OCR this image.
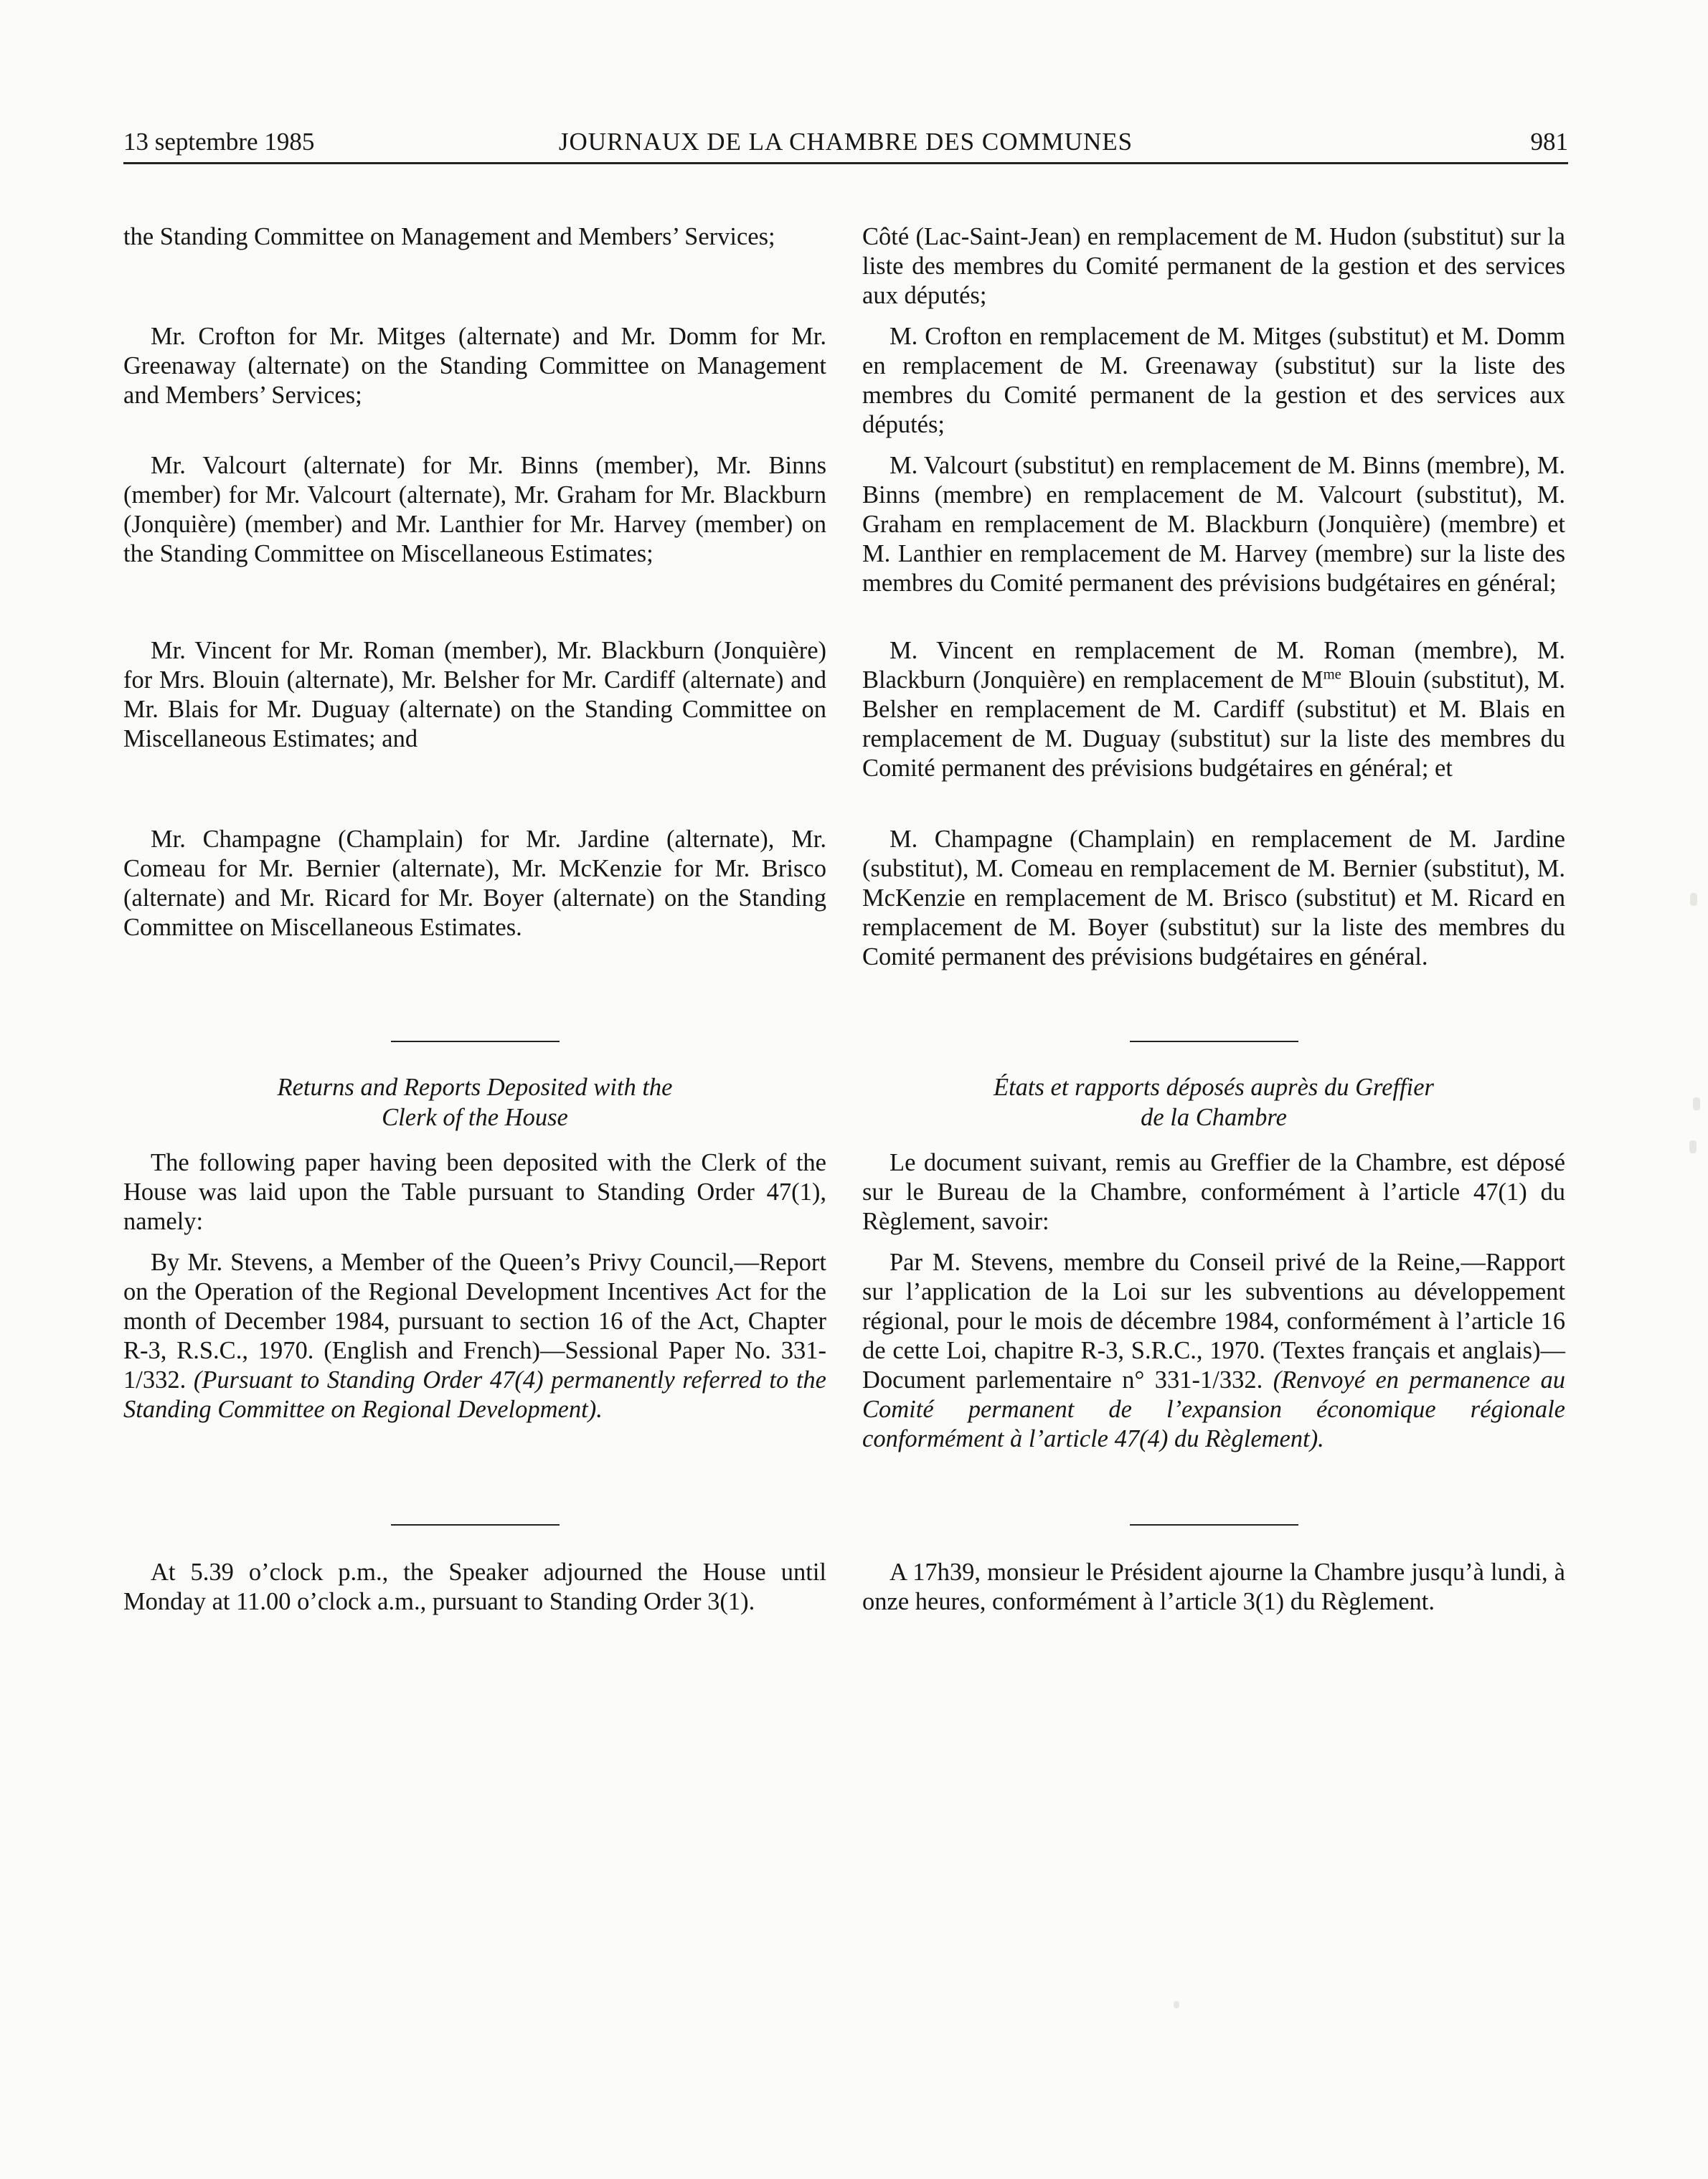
13 septembre 1985	JOURNAUX DE LA CHAMBRE DES COMMUNES	981

the Standing Committee on Management and Members’ Services;

Mr. Crofton for Mr. Mitges (alternate) and Mr. Domm for Mr. Greenaway (alternate) on the Standing Committee on Management and Members’ Services;

Mr. Valcourt (alternate) for Mr. Binns (member), Mr. Binns (member) for Mr. Valcourt (alternate), Mr. Graham for Mr. Blackburn (Jonquière) (member) and Mr. Lanthier for Mr. Harvey (member) on the Standing Committee on Miscellaneous Estimates;

Mr. Vincent for Mr. Roman (member), Mr. Blackburn (Jonquière) for Mrs. Blouin (alternate), Mr. Belsher for Mr. Cardiff (alternate) and Mr. Blais for Mr. Duguay (alternate) on the Standing Committee on Miscellaneous Estimates; and

Mr. Champagne (Champlain) for Mr. Jardine (alternate), Mr. Comeau for Mr. Bernier (alternate), Mr. McKenzie for Mr. Brisco (alternate) and Mr. Ricard for Mr. Boyer (alternate) on the Standing Committee on Miscellaneous Estimates.

Returns and Reports Deposited with the
Clerk of the House

The following paper having been deposited with the Clerk of the House was laid upon the Table pursuant to Standing Order 47(1), namely:

By Mr. Stevens, a Member of the Queen’s Privy Council,—Report on the Operation of the Regional Development Incentives Act for the month of December 1984, pursuant to section 16 of the Act, Chapter R-3, R.S.C., 1970. (English and French)—Sessional Paper No. 331-1/332. (Pursuant to Standing Order 47(4) permanently referred to the Standing Committee on Regional Development).

At 5.39 o’clock p.m., the Speaker adjourned the House until Monday at 11.00 o’clock a.m., pursuant to Standing Order 3(1).

Côté (Lac-Saint-Jean) en remplacement de M. Hudon (substitut) sur la liste des membres du Comité permanent de la gestion et des services aux députés;

M. Crofton en remplacement de M. Mitges (substitut) et M. Domm en remplacement de M. Greenaway (substitut) sur la liste des membres du Comité permanent de la gestion et des services aux députés;

M. Valcourt (substitut) en remplacement de M. Binns (membre), M. Binns (membre) en remplacement de M. Valcourt (substitut), M. Graham en remplacement de M. Blackburn (Jonquière) (membre) et M. Lanthier en remplacement de M. Harvey (membre) sur la liste des membres du Comité permanent des prévisions budgétaires en général;

M. Vincent en remplacement de M. Roman (membre), M. Blackburn (Jonquière) en remplacement de $M^{me}$ Blouin (substitut), M. Belsher en remplacement de M. Cardiff (substitut) et M. Blais en remplacement de M. Duguay (substitut) sur la liste des membres du Comité permanent des prévisions budgétaires en général; et

M. Champagne (Champlain) en remplacement de M. Jardine (substitut), M. Comeau en remplacement de M. Bernier (substitut), M. McKenzie en remplacement de M. Brisco (substitut) et M. Ricard en remplacement de M. Boyer (substitut) sur la liste des membres du Comité permanent des prévisions budgétaires en général.

États et rapports déposés auprès du Greffier
de la Chambre

Le document suivant, remis au Greffier de la Chambre, est déposé sur le Bureau de la Chambre, conformément à l’article 47(1) du Règlement, savoir:

Par M. Stevens, membre du Conseil privé de la Reine,—Rapport sur l’application de la Loi sur les subventions au développement régional, pour le mois de décembre 1984, conformément à l’article 16 de cette Loi, chapitre R-3, S.R.C., 1970. (Textes français et anglais)—Document parlementaire n° 331-1/332. (Renvoyé en permanence au Comité permanent de l’expansion économique régionale conformément à l’article 47(4) du Règlement).

A 17h39, monsieur le Président ajourne la Chambre jusqu’à lundi, à onze heures, conformément à l’article 3(1) du Règlement.
